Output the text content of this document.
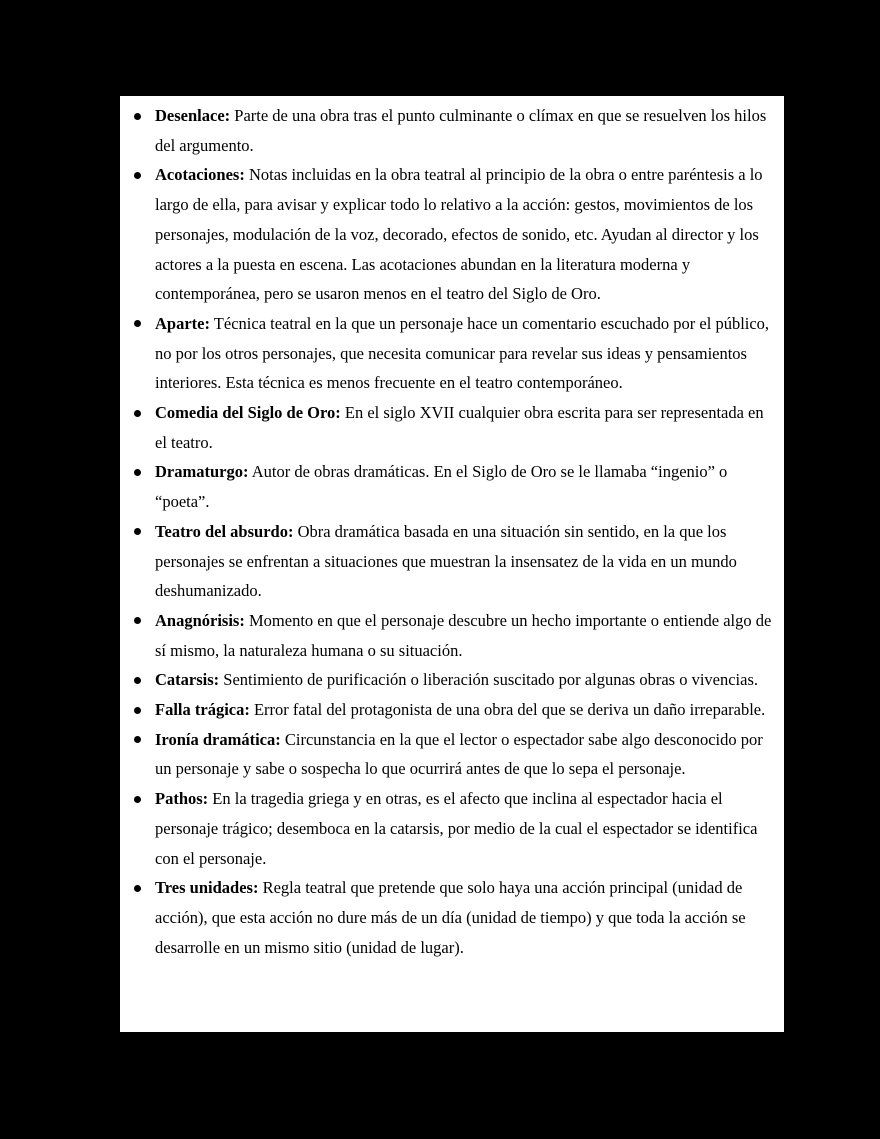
Desenlace: Parte de una obra tras el punto culminante o clímax en que se resuelven los hilos del argumento.
Acotaciones: Notas incluidas en la obra teatral al principio de la obra o entre paréntesis a lo largo de ella, para avisar y explicar todo lo relativo a la acción: gestos, movimientos de los personajes, modulación de la voz, decorado, efectos de sonido, etc. Ayudan al director y los actores a la puesta en escena. Las acotaciones abundan en la literatura moderna y contemporánea, pero se usaron menos en el teatro del Siglo de Oro.
Aparte: Técnica teatral en la que un personaje hace un comentario escuchado por el público, no por los otros personajes, que necesita comunicar para revelar sus ideas y pensamientos interiores. Esta técnica es menos frecuente en el teatro contemporáneo.
Comedia del Siglo de Oro: En el siglo XVII cualquier obra escrita para ser representada en el teatro.
Dramaturgo: Autor de obras dramáticas. En el Siglo de Oro se le llamaba “ingenio” o “poeta”.
Teatro del absurdo: Obra dramática basada en una situación sin sentido, en la que los personajes se enfrentan a situaciones que muestran la insensatez de la vida en un mundo deshumanizado.
Anagnórisis: Momento en que el personaje descubre un hecho importante o entiende algo de sí mismo, la naturaleza humana o su situación.
Catarsis: Sentimiento de purificación o liberación suscitado por algunas obras o vivencias.
Falla trágica: Error fatal del protagonista de una obra del que se deriva un daño irreparable.
Ironía dramática: Circunstancia en la que el lector o espectador sabe algo desconocido por un personaje y sabe o sospecha lo que ocurrirá antes de que lo sepa el personaje.
Pathos: En la tragedia griega y en otras, es el afecto que inclina al espectador hacia el personaje trágico; desemboca en la catarsis, por medio de la cual el espectador se identifica con el personaje.
Tres unidades: Regla teatral que pretende que solo haya una acción principal (unidad de acción), que esta acción no dure más de un día (unidad de tiempo) y que toda la acción se desarrolle en un mismo sitio (unidad de lugar).
